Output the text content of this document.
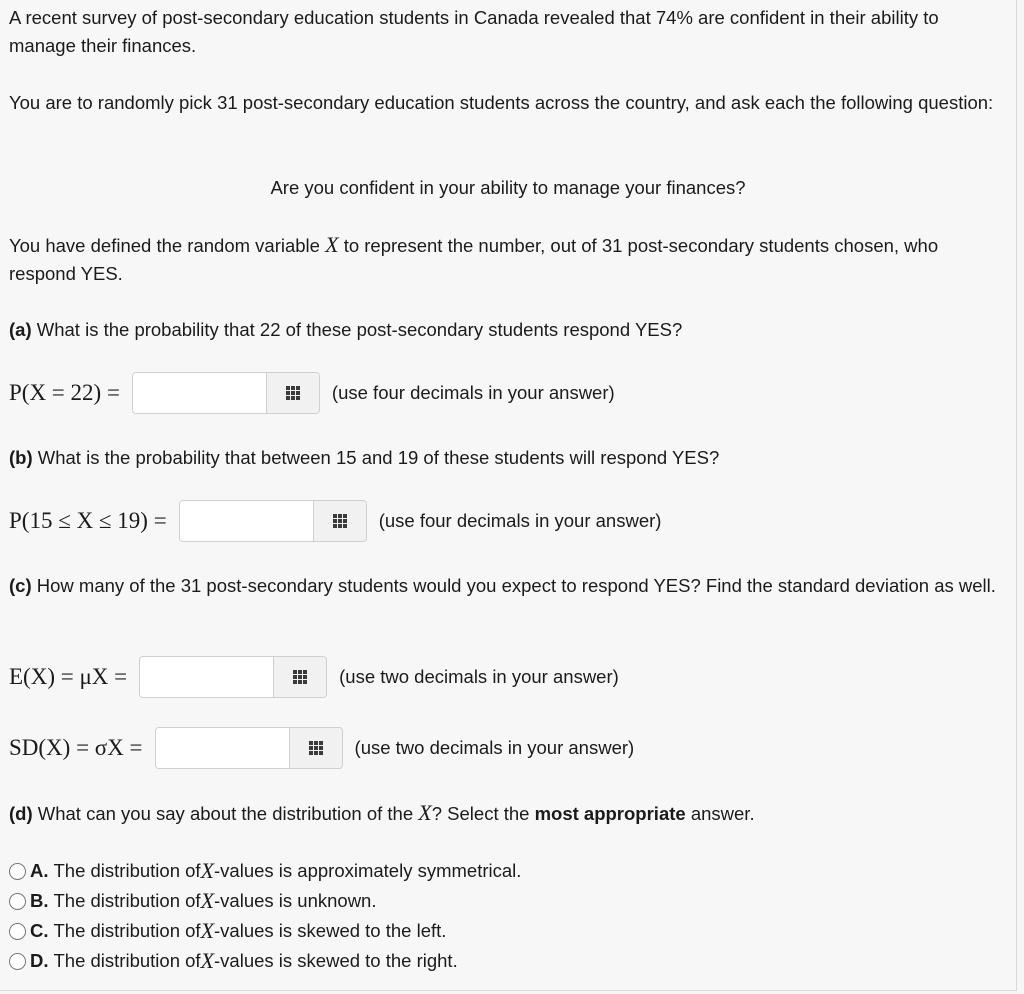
A recent survey of post-secondary education students in Canada revealed that 74% are confident in their ability to manage their finances.

You are to randomly pick 31 post-secondary education students across the country, and ask each the following question:

Are you confident in your ability to manage your finances?

You have defined the random variable X to represent the number, out of 31 post-secondary students chosen, who respond YES.

(a) What is the probability that 22 of these post-secondary students respond YES?

P(X = 22) =	(use four decimals in your answer)

(b) What is the probability that between 15 and 19 of these students will respond YES?

P(15 ≤ X ≤ 19) =	(use four decimals in your answer)

(c) How many of the 31 post-secondary students would you expect to respond YES? Find the standard deviation as well.

E(X) = μX =	(use two decimals in your answer)
SD(X) = σX =	(use two decimals in your answer)

(d) What can you say about the distribution of the X? Select the most appropriate answer.

A. The distribution of X -values is approximately symmetrical.
B. The distribution of X -values is unknown.
C. The distribution of X -values is skewed to the left.
D. The distribution of X -values is skewed to the right.
